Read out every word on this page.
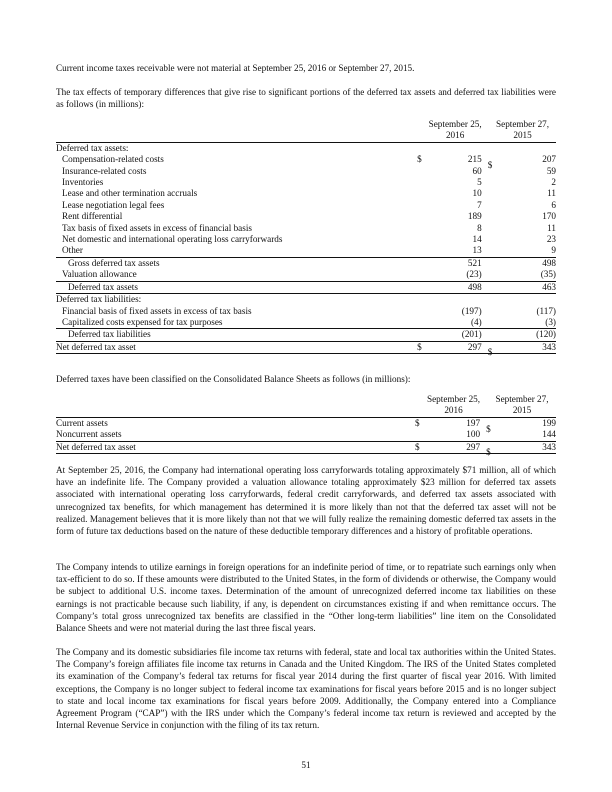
Current income taxes receivable were not material at September 25, 2016 or September 27, 2015.

The tax effects of temporary differences that give rise to significant portions of the deferred tax assets and deferred tax liabilities were as follows (in millions):

		September 25,		September 27,
		2016		2015
Deferred tax assets:				
Compensation-related costs	$	215	$	207
Insurance-related costs		60		59
Inventories		5		2
Lease and other termination accruals		10		11
Lease negotiation legal fees		7		6
Rent differential		189		170
Tax basis of fixed assets in excess of financial basis		8		11
Net domestic and international operating loss carryforwards		14		23
Other		13		9
Gross deferred tax assets		521		498
Valuation allowance		(23)		(35)
Deferred tax assets		498		463
Deferred tax liabilities:				
Financial basis of fixed assets in excess of tax basis		(197)		(117)
Capitalized costs expensed for tax purposes		(4)		(3)
Deferred tax liabilities		(201)		(120)
Net deferred tax asset	$	297	$	343

Deferred taxes have been classified on the Consolidated Balance Sheets as follows (in millions):

		September 25,		September 27,
		2016		2015
Current assets	$	197	$	199
Noncurrent assets		100		144
Net deferred tax asset	$	297	$	343

At September 25, 2016, the Company had international operating loss carryforwards totaling approximately $71 million, all of which have an indefinite life. The Company provided a valuation allowance totaling approximately $23 million for deferred tax assets associated with international operating loss carryforwards, federal credit carryforwards, and deferred tax assets associated with unrecognized tax benefits, for which management has determined it is more likely than not that the deferred tax asset will not be realized. Management believes that it is more likely than not that we will fully realize the remaining domestic deferred tax assets in the form of future tax deductions based on the nature of these deductible temporary differences and a history of profitable operations.

The Company intends to utilize earnings in foreign operations for an indefinite period of time, or to repatriate such earnings only when tax-efficient to do so. If these amounts were distributed to the United States, in the form of dividends or otherwise, the Company would be subject to additional U.S. income taxes. Determination of the amount of unrecognized deferred income tax liabilities on these earnings is not practicable because such liability, if any, is dependent on circumstances existing if and when remittance occurs. The Company’s total gross unrecognized tax benefits are classified in the “Other long-term liabilities” line item on the Consolidated Balance Sheets and were not material during the last three fiscal years.

The Company and its domestic subsidiaries file income tax returns with federal, state and local tax authorities within the United States. The Company’s foreign affiliates file income tax returns in Canada and the United Kingdom. The IRS of the United States completed its examination of the Company’s federal tax returns for fiscal year 2014 during the first quarter of fiscal year 2016. With limited exceptions, the Company is no longer subject to federal income tax examinations for fiscal years before 2015 and is no longer subject to state and local income tax examinations for fiscal years before 2009. Additionally, the Company entered into a Compliance Agreement Program (“CAP”) with the IRS under which the Company’s federal income tax return is reviewed and accepted by the Internal Revenue Service in conjunction with the filing of its tax return.

51
